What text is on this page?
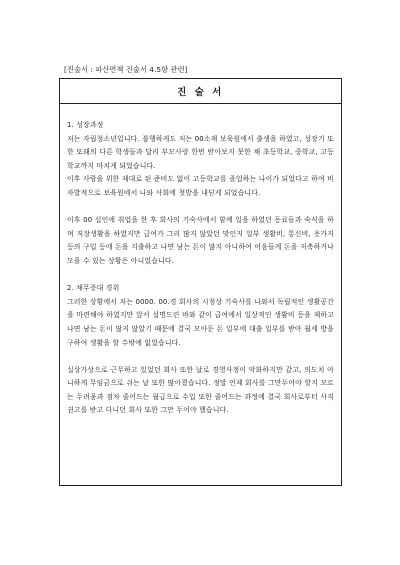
[진술서 : 파산면책 진술서 4.5항 관련]
진 술 서

1. 성장과정

저는 자립청소년입니다. 불행하게도 저는 00소재 보육원에서 출생을 하였고, 성장기 또한 또래의 다른 학생들과 달리 부모사랑 한번 받아보지 못한 채 초등학교, 중학교, 고등학교까지 마치게 되었습니다.

이후 사람을 위한 제대로 된 준비도 없이 고등학교를 졸업하는 나이가 되었다고 하여 비자발적으로 보육원에서 나와 사회에 첫발을 내딛게 되었습니다.

이후 00 십인에 취업을 한 후 회사의 기숙사에서 함께 일을 하였던 동료들과 숙식을 하며 직장생활을 하였지만 급여가 그리 많지 않았던 맞인지 일부 생활비, 통신비, 옷가지 등의 구입 등에 돈을 지출하고 나면 남는 돈이 많지 아니하여 어음들게 돈을 저축하거나 모을 수 있는 상황은 아니었습니다.

2. 채무증대 경위

그러한 상황에서 저는 0000. 00.경 회사의 시청상 기숙사를 나와서 독립적인 생활공간을 마련해야 하였지만 앞서 설명드린 바와 같이 급여에서 일상적인 생활비 등을 제하고 나면 남는 돈이 많지 않았기 때문에 결국 모아둔 돈 일부에 대출 일부를 받아 월세 방을 구하여 생활을 할 수밖에 없었습니다.

실상가상으로 근무하고 있었던 회사 또한 날로 경영사정이 악화하지만 같고, 의도치 아니하게 무임금으로 쉬는 날 또한 많아졌습니다. 정말 언제 회사를 그만두어야 할지 모르는 두려움과 점차 줄어드는 월급으로 수입 또한 줄어드는 과정에 결국 회사로부터 사직권고를 받고 다니던 회사 또한 그만 두어야 했습니다.
